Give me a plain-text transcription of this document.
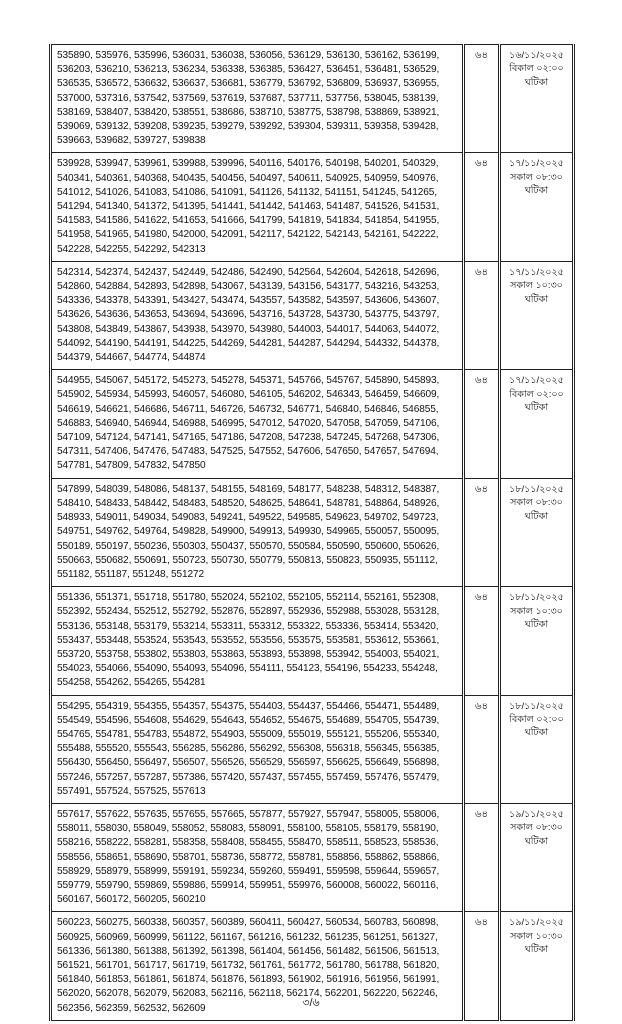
535890, 535976, 535996, 536031, 536038, 536056, 536129, 536130, 536162, 536199, 536203, 536210, 536213, 536234, 536338, 536385, 536427, 536451, 536481, 536529, 536535, 536572, 536632, 536637, 536681, 536779, 536792, 536809, 536937, 536955, 537000, 537316, 537542, 537569, 537619, 537687, 537711, 537756, 538045, 538139, 538169, 538407, 538420, 538551, 538686, 538710, 538775, 538798, 538869, 538921, 539069, 539132, 539208, 539235, 539279, 539292, 539304, 539311, 539358, 539428, 539663, 539682, 539727, 539838	৬৪	১৬/১১/২০২৫
বিকাল ০২:০০ ঘটিকা

539928, 539947, 539961, 539988, 539996, 540116, 540176, 540198, 540201, 540329, 540341, 540361, 540368, 540435, 540456, 540497, 540611, 540925, 540959, 540976, 541012, 541026, 541083, 541086, 541091, 541126, 541132, 541151, 541245, 541265, 541294, 541340, 541372, 541395, 541441, 541442, 541463, 541487, 541526, 541531, 541583, 541586, 541622, 541653, 541666, 541799, 541819, 541834, 541854, 541955, 541958, 541965, 541980, 542000, 542091, 542117, 542122, 542143, 542161, 542222, 542228, 542255, 542292, 542313	৬৪	১৭/১১/২০২৫
সকাল ০৮:৩০ ঘটিকা

542314, 542374, 542437, 542449, 542486, 542490, 542564, 542604, 542618, 542696, 542860, 542884, 542893, 542898, 543067, 543139, 543156, 543177, 543216, 543253, 543336, 543378, 543391, 543427, 543474, 543557, 543582, 543597, 543606, 543607, 543626, 543636, 543653, 543694, 543696, 543716, 543728, 543730, 543775, 543797, 543808, 543849, 543867, 543938, 543970, 543980, 544003, 544017, 544063, 544072, 544092, 544190, 544191, 544225, 544269, 544281, 544287, 544294, 544332, 544378, 544379, 544667, 544774, 544874	৬৪	১৭/১১/২০২৫
সকাল ১০:৩০ ঘটিকা

544955, 545067, 545172, 545273, 545278, 545371, 545766, 545767, 545890, 545893, 545902, 545934, 545993, 546057, 546080, 546105, 546202, 546343, 546459, 546609, 546619, 546621, 546686, 546711, 546726, 546732, 546771, 546840, 546846, 546855, 546883, 546940, 546944, 546988, 546995, 547012, 547020, 547058, 547059, 547106, 547109, 547124, 547141, 547165, 547186, 547208, 547238, 547245, 547268, 547306, 547311, 547406, 547476, 547483, 547525, 547552, 547606, 547650, 547657, 547694, 547781, 547809, 547832, 547850	৬৪	১৭/১১/২০২৫
বিকাল ০২:০০ ঘটিকা

547899, 548039, 548086, 548137, 548155, 548169, 548177, 548238, 548312, 548387, 548410, 548433, 548442, 548483, 548520, 548625, 548641, 548781, 548864, 548926, 548933, 549011, 549034, 549083, 549241, 549522, 549585, 549623, 549702, 549723, 549751, 549762, 549764, 549828, 549900, 549913, 549930, 549965, 550057, 550095, 550189, 550197, 550236, 550303, 550437, 550570, 550584, 550590, 550600, 550626, 550663, 550682, 550691, 550723, 550730, 550779, 550813, 550823, 550935, 551112, 551182, 551187, 551248, 551272	৬৪	১৮/১১/২০২৫
সকাল ০৮:৩০ ঘটিকা

551336, 551371, 551718, 551780, 552024, 552102, 552105, 552114, 552161, 552308, 552392, 552434, 552512, 552792, 552876, 552897, 552936, 552988, 553028, 553128, 553136, 553148, 553179, 553214, 553311, 553312, 553322, 553336, 553414, 553420, 553437, 553448, 553524, 553543, 553552, 553556, 553575, 553581, 553612, 553661, 553720, 553758, 553802, 553803, 553863, 553893, 553898, 553942, 554003, 554021, 554023, 554066, 554090, 554093, 554096, 554111, 554123, 554196, 554233, 554248, 554258, 554262, 554265, 554281	৬৪	১৮/১১/২০২৫
সকাল ১০:৩০ ঘটিকা

554295, 554319, 554355, 554357, 554375, 554403, 554437, 554466, 554471, 554489, 554549, 554596, 554608, 554629, 554643, 554652, 554675, 554689, 554705, 554739, 554765, 554781, 554783, 554872, 554903, 555009, 555019, 555121, 555206, 555340, 555488, 555520, 555543, 556285, 556286, 556292, 556308, 556318, 556345, 556385, 556430, 556450, 556497, 556507, 556526, 556529, 556597, 556625, 556649, 556898, 557246, 557257, 557287, 557386, 557420, 557437, 557455, 557459, 557476, 557479, 557491, 557524, 557525, 557613	৬৪	১৮/১১/২০২৫
বিকাল ০২:০০ ঘটিকা

557617, 557622, 557635, 557655, 557665, 557877, 557927, 557947, 558005, 558006, 558011, 558030, 558049, 558052, 558083, 558091, 558100, 558105, 558179, 558190, 558216, 558222, 558281, 558358, 558408, 558455, 558470, 558511, 558523, 558536, 558556, 558651, 558690, 558701, 558736, 558772, 558781, 558856, 558862, 558866, 558929, 558979, 558999, 559191, 559234, 559260, 559491, 559598, 559644, 559657, 559779, 559790, 559869, 559886, 559914, 559951, 559976, 560008, 560022, 560116, 560167, 560172, 560205, 560210	৬৪	১৯/১১/২০২৫
সকাল ০৮:৩০ ঘটিকা

560223, 560275, 560338, 560357, 560389, 560411, 560427, 560534, 560783, 560898, 560925, 560969, 560999, 561122, 561167, 561216, 561232, 561235, 561251, 561327, 561336, 561380, 561388, 561392, 561398, 561404, 561456, 561482, 561506, 561513, 561521, 561701, 561717, 561719, 561732, 561761, 561772, 561780, 561788, 561820, 561840, 561853, 561861, 561874, 561876, 561893, 561902, 561916, 561956, 561991, 562020, 562078, 562079, 562083, 562116, 562118, 562174, 562201, 562220, 562246, 562356, 562359, 562532, 562609	৬৪	১৯/১১/২০২৫
সকাল ১০:৩০ ঘটিকা
৩/৬
